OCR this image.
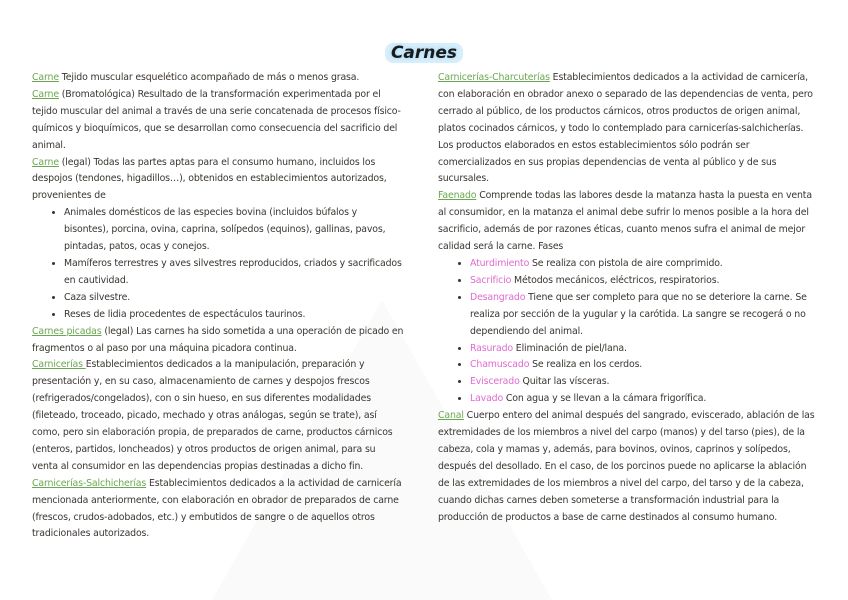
Carnes

Carne Tejido muscular esquelético acompañado de más o menos grasa.

Carne (Bromatológica) Resultado de la transformación experimentada por el tejido muscular del animal a través de una serie concatenada de procesos físico-químicos y bioquímicos, que se desarrollan como consecuencia del sacrificio del animal.

Carne (legal) Todas las partes aptas para el consumo humano, incluidos los despojos (tendones, higadillos…), obtenidos en establecimientos autorizados, provenientes de

• Animales domésticos de las especies bovina (incluidos búfalos y bisontes), porcina, ovina, caprina, solípedos (equinos), gallinas, pavos, pintadas, patos, ocas y conejos.
• Mamíferos terrestres y aves silvestres reproducidos, criados y sacrificados en cautividad.
• Caza silvestre.
• Reses de lidia procedentes de espectáculos taurinos.

Carnes picadas (legal) Las carnes ha sido sometida a una operación de picado en fragmentos o al paso por una máquina picadora continua.

Carnicerías Establecimientos dedicados a la manipulación, preparación y presentación y, en su caso, almacenamiento de carnes y despojos frescos (refrigerados/congelados), con o sin hueso, en sus diferentes modalidades (fileteado, troceado, picado, mechado y otras análogas, según se trate), así como, pero sin elaboración propia, de preparados de carne, productos cárnicos (enteros, partidos, loncheados) y otros productos de origen animal, para su venta al consumidor en las dependencias propias destinadas a dicho fin.

Carnicerías-Salchicherías Establecimientos dedicados a la actividad de carnicería mencionada anteriormente, con elaboración en obrador de preparados de carne (frescos, crudos-adobados, etc.) y embutidos de sangre o de aquellos otros tradicionales autorizados.

Carnicerías-Charcuterías Establecimientos dedicados a la actividad de carnicería, con elaboración en obrador anexo o separado de las dependencias de venta, pero cerrado al público, de los productos cárnicos, otros productos de origen animal, platos cocinados cárnicos, y todo lo contemplado para carnicerías-salchicherías. Los productos elaborados en estos establecimientos sólo podrán ser comercializados en sus propias dependencias de venta al público y de sus sucursales.

Faenado Comprende todas las labores desde la matanza hasta la puesta en venta al consumidor, en la matanza el animal debe sufrir lo menos posible a la hora del sacrificio, además de por razones éticas, cuanto menos sufra el animal de mejor calidad será la carne. Fases

• Aturdimiento Se realiza con pistola de aire comprimido.
• Sacrificio Métodos mecánicos, eléctricos, respiratorios.
• Desangrado Tiene que ser completo para que no se deteriore la carne. Se realiza por sección de la yugular y la carótida. La sangre se recogerá o no dependiendo del animal.
• Rasurado Eliminación de piel/lana.
• Chamuscado Se realiza en los cerdos.
• Eviscerado Quitar las vísceras.
• Lavado Con agua y se llevan a la cámara frigorífica.

Canal Cuerpo entero del animal después del sangrado, eviscerado, ablación de las extremidades de los miembros a nivel del carpo (manos) y del tarso (pies), de la cabeza, cola y mamas y, además, para bovinos, ovinos, caprinos y solípedos, después del desollado. En el caso, de los porcinos puede no aplicarse la ablación de las extremidades de los miembros a nivel del carpo, del tarso y de la cabeza, cuando dichas carnes deben someterse a transformación industrial para la producción de productos a base de carne destinados al consumo humano.
